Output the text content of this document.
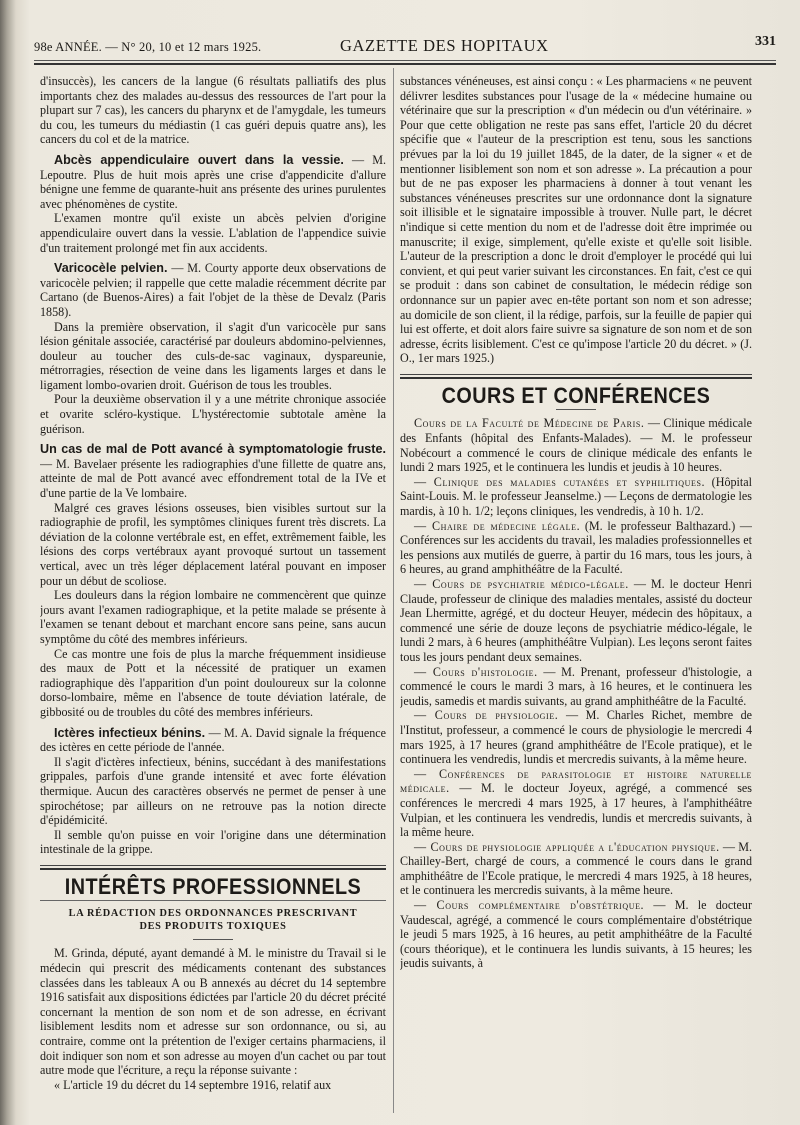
98e ANNÉE. — N° 20, 10 et 12 mars 1925.	GAZETTE DES HOPITAUX	331

d'insuccès), les cancers de la langue (6 résultats palliatifs des plus importants chez des malades au-dessus des ressources de l'art pour la plupart sur 7 cas), les cancers du pharynx et de l'amygdale, les tumeurs du cou, les tumeurs du médiastin (1 cas guéri depuis quatre ans), les cancers du col et de la matrice.

Abcès appendiculaire ouvert dans la vessie. — M. Lepoutre. Plus de huit mois après une crise d'appendicite d'allure bénigne une femme de quarante-huit ans présente des urines purulentes avec phénomènes de cystite.

L'examen montre qu'il existe un abcès pelvien d'origine appendiculaire ouvert dans la vessie. L'ablation de l'appendice suivie d'un traitement prolongé met fin aux accidents.

Varicocèle pelvien. — M. Courty apporte deux observations de varicocèle pelvien; il rappelle que cette maladie récemment décrite par Cartano (de Buenos-Aires) a fait l'objet de la thèse de Devalz (Paris 1858).

Dans la première observation, il s'agit d'un varicocèle pur sans lésion génitale associée, caractérisé par douleurs abdomino-pelviennes, douleur au toucher des culs-de-sac vaginaux, dyspareunie, métrorragies, résection de veine dans les ligaments larges et dans le ligament lombo-ovarien droit. Guérison de tous les troubles.

Pour la deuxième observation il y a une métrite chronique associée et ovarite scléro-kystique. L'hystérectomie subtotale amène la guérison.

Un cas de mal de Pott avancé à symptomatologie fruste. — M. Bavelaer présente les radiographies d'une fillette de quatre ans, atteinte de mal de Pott avancé avec effondrement total de la IVe et d'une partie de la Ve lombaire.

Malgré ces graves lésions osseuses, bien visibles surtout sur la radiographie de profil, les symptômes cliniques furent très discrets. La déviation de la colonne vertébrale est, en effet, extrêmement faible, les lésions des corps vertébraux ayant provoqué surtout un tassement vertical, avec un très léger déplacement latéral pouvant en imposer pour un début de scoliose.

Les douleurs dans la région lombaire ne commencèrent que quinze jours avant l'examen radiographique, et la petite malade se présente à l'examen se tenant debout et marchant encore sans peine, sans aucun symptôme du côté des membres inférieurs.

Ce cas montre une fois de plus la marche fréquemment insidieuse des maux de Pott et la nécessité de pratiquer un examen radiographique dès l'apparition d'un point douloureux sur la colonne dorso-lombaire, même en l'absence de toute déviation latérale, de gibbosité ou de troubles du côté des membres inférieurs.

Ictères infectieux bénins. — M. A. David signale la fréquence des ictères en cette période de l'année.

Il s'agit d'ictères infectieux, bénins, succédant à des manifestations grippales, parfois d'une grande intensité et avec forte élévation thermique. Aucun des caractères observés ne permet de penser à une spirochétose; par ailleurs on ne retrouve pas la notion directe d'épidémicité.

Il semble qu'on puisse en voir l'origine dans une détermination intestinale de la grippe.

INTÉRÊTS PROFESSIONNELS
LA RÉDACTION DES ORDONNANCES PRESCRIVANT
DES PRODUITS TOXIQUES

M. Grinda, député, ayant demandé à M. le ministre du Travail si le médecin qui prescrit des médicaments contenant des substances classées dans les tableaux A ou B annexés au décret du 14 septembre 1916 satisfait aux dispositions édictées par l'article 20 du décret précité concernant la mention de son nom et de son adresse, en écrivant lisiblement lesdits nom et adresse sur son ordonnance, ou si, au contraire, comme ont la prétention de l'exiger certains pharmaciens, il doit indiquer son nom et son adresse au moyen d'un cachet ou par tout autre mode que l'écriture, a reçu la réponse suivante :

« L'article 19 du décret du 14 septembre 1916, relatif aux

substances vénéneuses, est ainsi conçu : « Les pharmaciens « ne peuvent délivrer lesdites substances pour l'usage de la « médecine humaine ou vétérinaire que sur la prescription « d'un médecin ou d'un vétérinaire. » Pour que cette obligation ne reste pas sans effet, l'article 20 du décret spécifie que « l'auteur de la prescription est tenu, sous les sanctions prévues par la loi du 19 juillet 1845, de la dater, de la signer « et de mentionner lisiblement son nom et son adresse ». La précaution a pour but de ne pas exposer les pharmaciens à donner à tout venant les substances vénéneuses prescrites sur une ordonnance dont la signature soit illisible et le signataire impossible à trouver. Nulle part, le décret n'indique si cette mention du nom et de l'adresse doit être imprimée ou manuscrite; il exige, simplement, qu'elle existe et qu'elle soit lisible. L'auteur de la prescription a donc le droit d'employer le procédé qui lui convient, et qui peut varier suivant les circonstances. En fait, c'est ce qui se produit : dans son cabinet de consultation, le médecin rédige son ordonnance sur un papier avec en-tête portant son nom et son adresse; au domicile de son client, il la rédige, parfois, sur la feuille de papier qui lui est offerte, et doit alors faire suivre sa signature de son nom et de son adresse, écrits lisiblement. C'est ce qu'impose l'article 20 du décret. » (J. O., 1er mars 1925.)

COURS ET CONFÉRENCES

Cours de la Faculté de Médecine de Paris. — Clinique médicale des Enfants (hôpital des Enfants-Malades). — M. le professeur Nobécourt a commencé le cours de clinique médicale des enfants le lundi 2 mars 1925, et le continuera les lundis et jeudis à 10 heures.

— Clinique des maladies cutanées et syphilitiques. (Hôpital Saint-Louis. M. le professeur Jeanselme.) — Leçons de dermatologie les mardis, à 10 h. 1/2; leçons cliniques, les vendredis, à 10 h. 1/2.

— Chaire de médecine légale. (M. le professeur Balthazard.) — Conférences sur les accidents du travail, les maladies professionnelles et les pensions aux mutilés de guerre, à partir du 16 mars, tous les jours, à 6 heures, au grand amphithéâtre de la Faculté.

— Cours de psychiatrie médico-légale. — M. le docteur Henri Claude, professeur de clinique des maladies mentales, assisté du docteur Jean Lhermitte, agrégé, et du docteur Heuyer, médecin des hôpitaux, a commencé une série de douze leçons de psychiatrie médico-légale, le lundi 2 mars, à 6 heures (amphithéâtre Vulpian). Les leçons seront faites tous les jours pendant deux semaines.

— Cours d'histologie. — M. Prenant, professeur d'histologie, a commencé le cours le mardi 3 mars, à 16 heures, et le continuera les jeudis, samedis et mardis suivants, au grand amphithéâtre de la Faculté.

— Cours de physiologie. — M. Charles Richet, membre de l'Institut, professeur, a commencé le cours de physiologie le mercredi 4 mars 1925, à 17 heures (grand amphithéâtre de l'Ecole pratique), et le continuera les vendredis, lundis et mercredis suivants, à la même heure.

— Conférences de parasitologie et histoire naturelle médicale. — M. le docteur Joyeux, agrégé, a commencé ses conférences le mercredi 4 mars 1925, à 17 heures, à l'amphithéâtre Vulpian, et les continuera les vendredis, lundis et mercredis suivants, à la même heure.

— Cours de physiologie appliquée a l'éducation physique. — M. Chailley-Bert, chargé de cours, a commencé le cours dans le grand amphithéâtre de l'Ecole pratique, le mercredi 4 mars 1925, à 18 heures, et le continuera les mercredis suivants, à la même heure.

— Cours complémentaire d'obstétrique. — M. le docteur Vaudescal, agrégé, a commencé le cours complémentaire d'obstétrique le jeudi 5 mars 1925, à 16 heures, au petit amphithéâtre de la Faculté (cours théorique), et le continuera les lundis suivants, à 15 heures; les jeudis suivants, à
